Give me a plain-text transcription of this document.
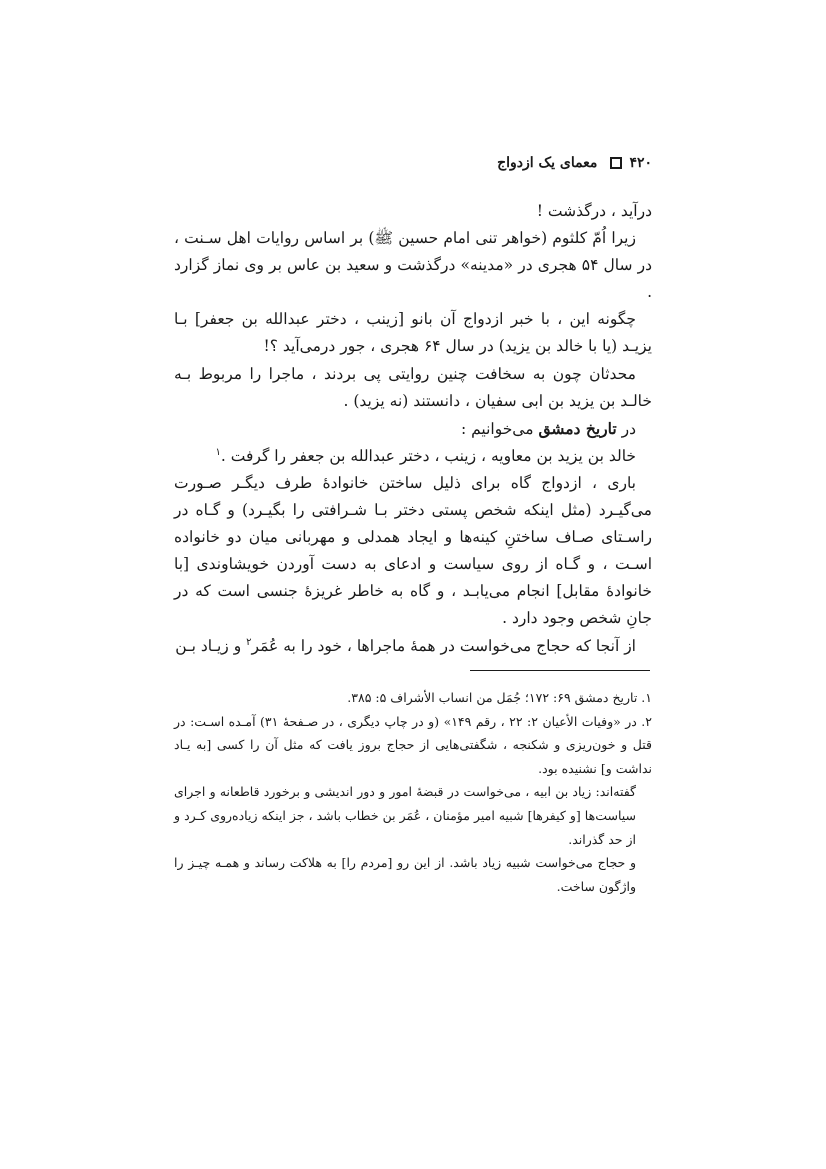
۴۲۰
معمای یک ازدواج

درآید ، درگذشت !

زیرا اُمّ کلثوم (خواهر تنی امام حسین ﷺ) بر اساس روایات اهل سـنت ، در سال ۵۴ هجری در «مدینه» درگذشت و سعید بن عاس بر وی نماز گزارد .

چگونه این ، با خبر ازدواج آن بانو [زینب ، دختر عبدالله بن جعفر] بـا یزیـد (یا با خالد بن یزید) در سال ۶۴ هجری ، جور درمی‌آید ؟!

محدثان چون به سخافت چنین روایتی پی بردند ، ماجرا را مربوط بـه خالـد بن یزید بن ابی سفیان ، دانستند (نه یزید) .

در تاریخ دمشق می‌خوانیم :

خالد بن یزید بن معاویه ، زینب ، دختر عبدالله بن جعفر را گرفت .$^۱$

باری ، ازدواج گاه برای ذلیل ساختن خانوادهٔ طرف دیگـر صـورت می‌گیـرد (مثل اینکه شخص پستی دختر بـا شـرافتی را بگیـرد) و گـاه در راسـتای صـاف ساختنِ کینه‌ها و ایجاد همدلی و مهربانی میان دو خانواده اسـت ، و گـاه از روی سیاست و ادعای به دست آوردن خویشاوندی [با خانوادهٔ مقابل] انجام می‌یابـد ، و گاه به خاطر غریزهٔ جنسی است که در جانِ شخص وجود دارد .

از آنجا که حجاج می‌خواست در همهٔ ماجراها ، خود را به عُمَر$^۲$ و زیـاد بـن

۱. تاریخ دمشق ۶۹: ۱۷۲؛ جُمَل من انساب الأشراف ۵: ۳۸۵.

۲. در «وفیات الأعیان ۲: ۲۲ ، رقم ۱۴۹» (و در چاپ دیگری ، در صـفحهٔ ۳۱) آمـده اسـت: در قتل و خون‌ریزی و شکنجه ، شگفتی‌هایی از حجاج بروز یافت که مثل آن را کسی [به یـاد نداشت و] نشنیده بود.

گفته‌اند: زیاد بن ابیه ، می‌خواست در قبضهٔ امور و دور اندیشی و برخورد قاطعانه و اجرای سیاست‌ها [و کیفرها] شبیه امیر مؤمنان ، عُمَر بن خطاب باشد ، جز اینکه زیاده‌روی کـرد و از حد گذراند.

و حجاج می‌خواست شبیه زیاد باشد. از این رو [مردم را] به هلاکت رساند و همـه چیـز را واژگون ساخت.
